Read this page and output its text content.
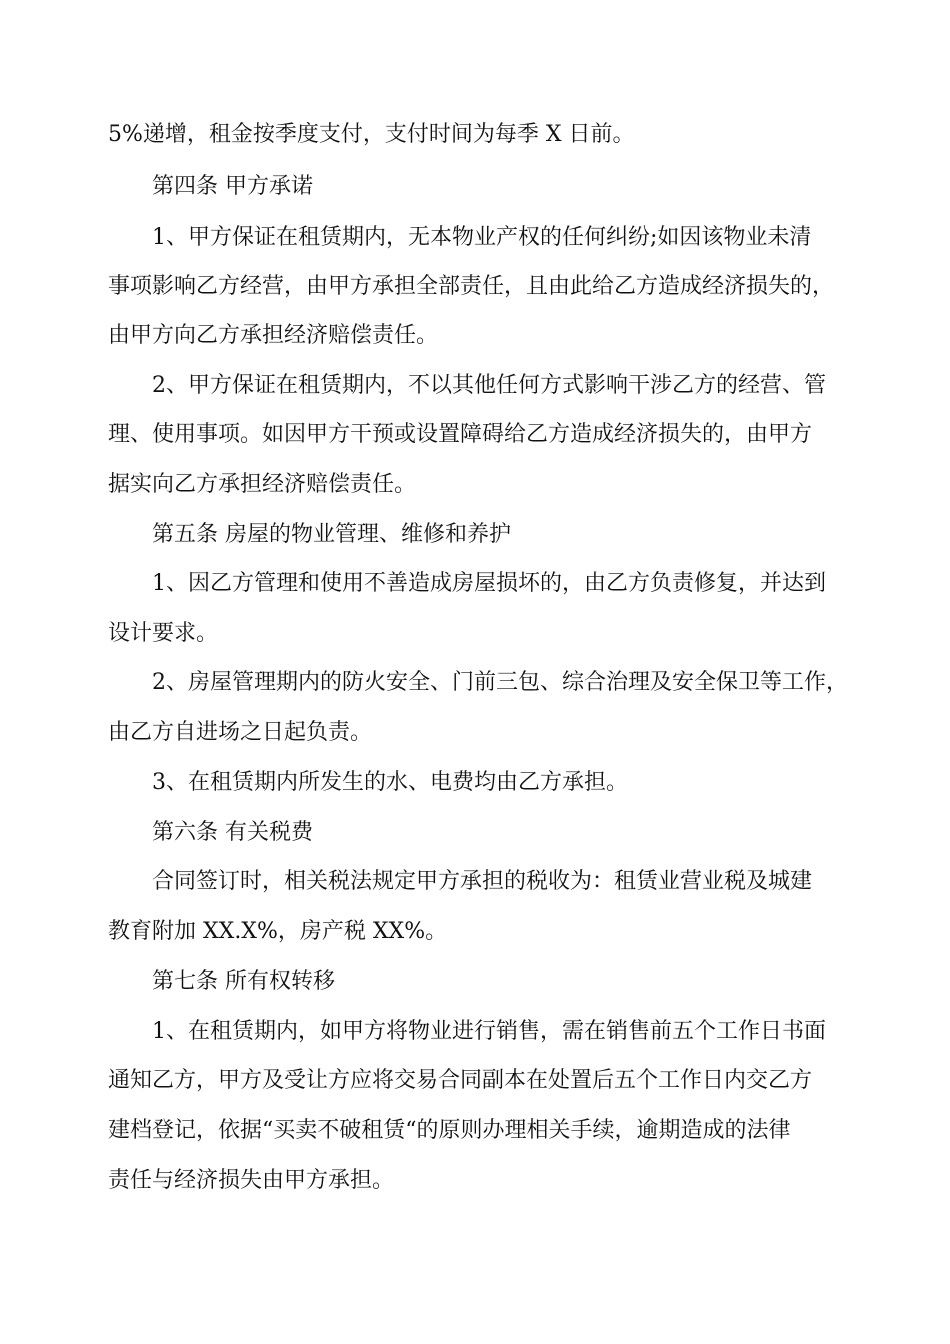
5%递增，租金按季度支付，支付时间为每季 X 日前。
第四条 甲方承诺
1、甲方保证在租赁期内，无本物业产权的任何纠纷;如因该物业未清
事项影响乙方经营，由甲方承担全部责任，且由此给乙方造成经济损失的，
由甲方向乙方承担经济赔偿责任。
2、甲方保证在租赁期内，不以其他任何方式影响干涉乙方的经营、管
理、使用事项。如因甲方干预或设置障碍给乙方造成经济损失的，由甲方
据实向乙方承担经济赔偿责任。
第五条 房屋的物业管理、维修和养护
1、因乙方管理和使用不善造成房屋损坏的，由乙方负责修复，并达到
设计要求。
2、房屋管理期内的防火安全、门前三包、综合治理及安全保卫等工作，
由乙方自进场之日起负责。
3、在租赁期内所发生的水、电费均由乙方承担。
第六条 有关税费
合同签订时，相关税法规定甲方承担的税收为：租赁业营业税及城建
教育附加 XX.X%，房产税 XX%。
第七条 所有权转移
1、在租赁期内，如甲方将物业进行销售，需在销售前五个工作日书面
通知乙方，甲方及受让方应将交易合同副本在处置后五个工作日内交乙方
建档登记，依据“买卖不破租赁“的原则办理相关手续，逾期造成的法律
责任与经济损失由甲方承担。
